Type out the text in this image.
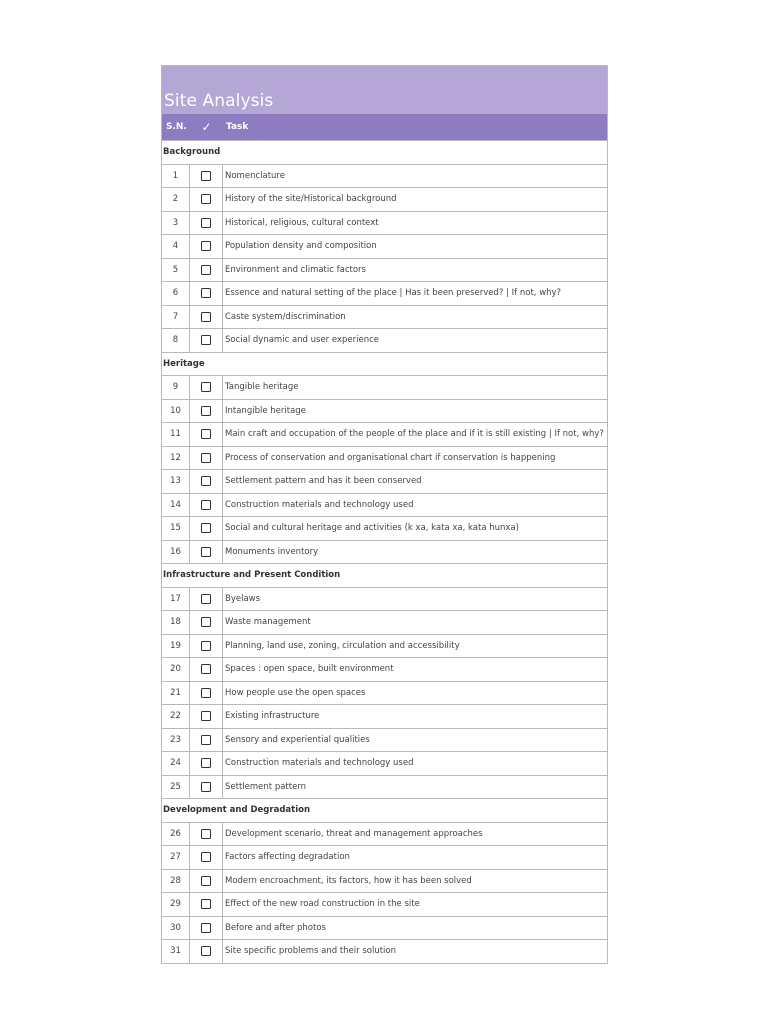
Site Analysis
S.N.	✓	Task
Background
1	Nomenclature
2	History of the site/Historical background
3	Historical, religious, cultural context
4	Population density and composition
5	Environment and climatic factors
6	Essence and natural setting of the place | Has it been preserved? | If not, why?
7	Caste system/discrimination
8	Social dynamic and user experience
Heritage
9	Tangible heritage
10	Intangible heritage
11	Main craft and occupation of the people of the place and if it is still existing | If not, why?
12	Process of conservation and organisational chart if conservation is happening
13	Settlement pattern and has it been conserved
14	Construction materials and technology used
15	Social and cultural heritage and activities (k xa, kata xa, kata hunxa)
16	Monuments inventory
Infrastructure and Present Condition
17	Byelaws
18	Waste management
19	Planning, land use, zoning, circulation and accessibility
20	Spaces : open space, built environment
21	How people use the open spaces
22	Existing infrastructure
23	Sensory and experiential qualities
24	Construction materials and technology used
25	Settlement pattern
Development and Degradation
26	Development scenario, threat and management approaches
27	Factors affecting degradation
28	Modern encroachment, its factors, how it has been solved
29	Effect of the new road construction in the site
30	Before and after photos
31	Site specific problems and their solution
